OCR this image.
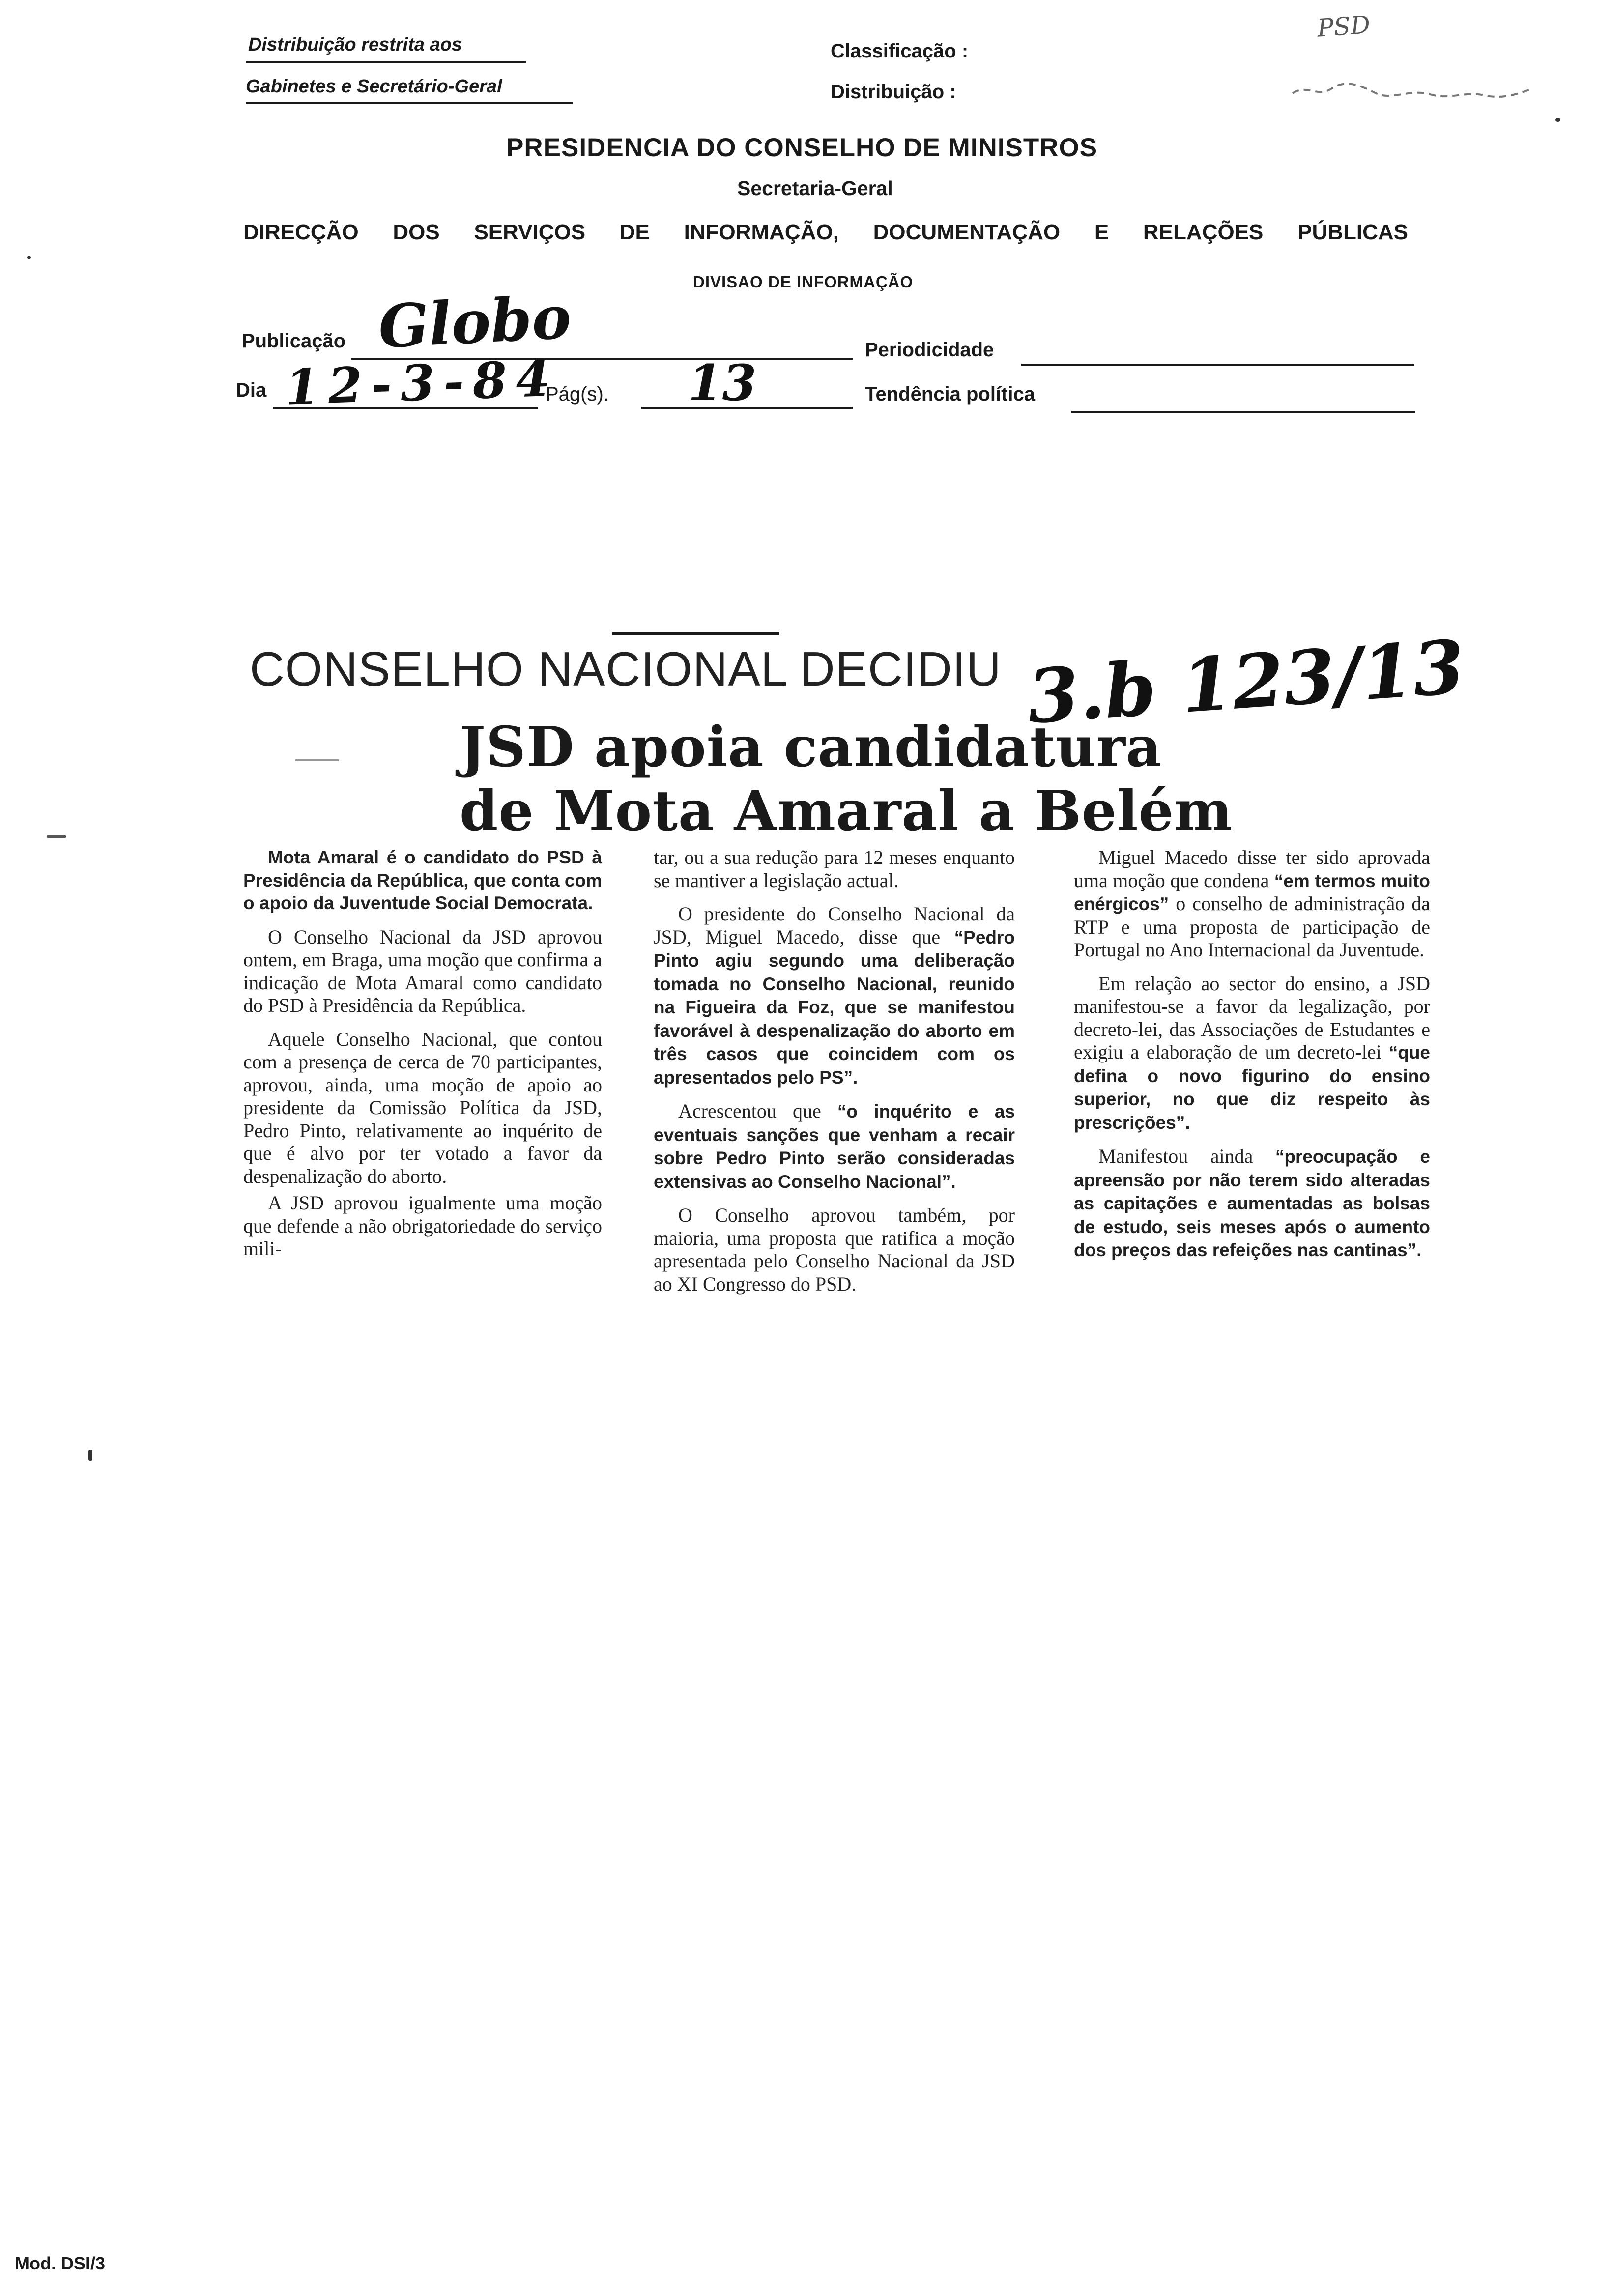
Distribuição restrita aos
Gabinetes e Secretário-Geral
Classificação :
Distribuição :
PSD
PRESIDENCIA DO CONSELHO DE MINISTROS
Secretaria-Geral
DIRECÇÃO DOS SERVIÇOS DE INFORMAÇÃO, DOCUMENTAÇÃO E RELAÇÕES PÚBLICAS
DIVISAO DE INFORMAÇÃO
Publicação Globo	Periodicidade
Dia 12-3-84
Pág(s). 13	Tendência política
CONSELHO NACIONAL DECIDIU 3.b 123/13
JSD apoia candidatura
de Mota Amaral a Belém

Mota Amaral é o candidato do PSD à Presidência da República, que conta com o apoio da Juventude Social Democrata.

O Conselho Nacional da JSD aprovou ontem, em Braga, uma moção que confirma a indicação de Mota Amaral como candidato do PSD à Presidência da República.

Aquele Conselho Nacional, que contou com a presença de cerca de 70 participantes, aprovou, ainda, uma moção de apoio ao presidente da Comissão Política da JSD, Pedro Pinto, relativamente ao inquérito de que é alvo por ter votado a favor da despenalização do aborto.

A JSD aprovou igualmente uma moção que defende a não obrigatoriedade do serviço mili-

tar, ou a sua redução para 12 meses enquanto se mantiver a legislação actual.

O presidente do Conselho Nacional da JSD, Miguel Macedo, disse que “Pedro Pinto agiu segundo uma deliberação tomada no Conselho Nacional, reunido na Figueira da Foz, que se manifestou favorável à despenalização do aborto em três casos que coincidem com os apresentados pelo PS”.

Acrescentou que “o inquérito e as eventuais sanções que venham a recair sobre Pedro Pinto serão consideradas extensivas ao Conselho Nacional”.

O Conselho aprovou também, por maioria, uma proposta que ratifica a moção apresentada pelo Conselho Nacional da JSD ao XI Congresso do PSD.

Miguel Macedo disse ter sido aprovada uma moção que condena “em termos muito enérgicos” o conselho de administração da RTP e uma proposta de participação de Portugal no Ano Internacional da Juventude.

Em relação ao sector do ensino, a JSD manifestou-se a favor da legalização, por decreto-lei, das Associações de Estudantes e exigiu a elaboração de um decreto-lei “que defina o novo figurino do ensino superior, no que diz respeito às prescrições”.

Manifestou ainda “preocupação e apreensão por não terem sido alteradas as capitações e aumentadas as bolsas de estudo, seis meses após o aumento dos preços das refeições nas cantinas”.

Mod. DSI/3
